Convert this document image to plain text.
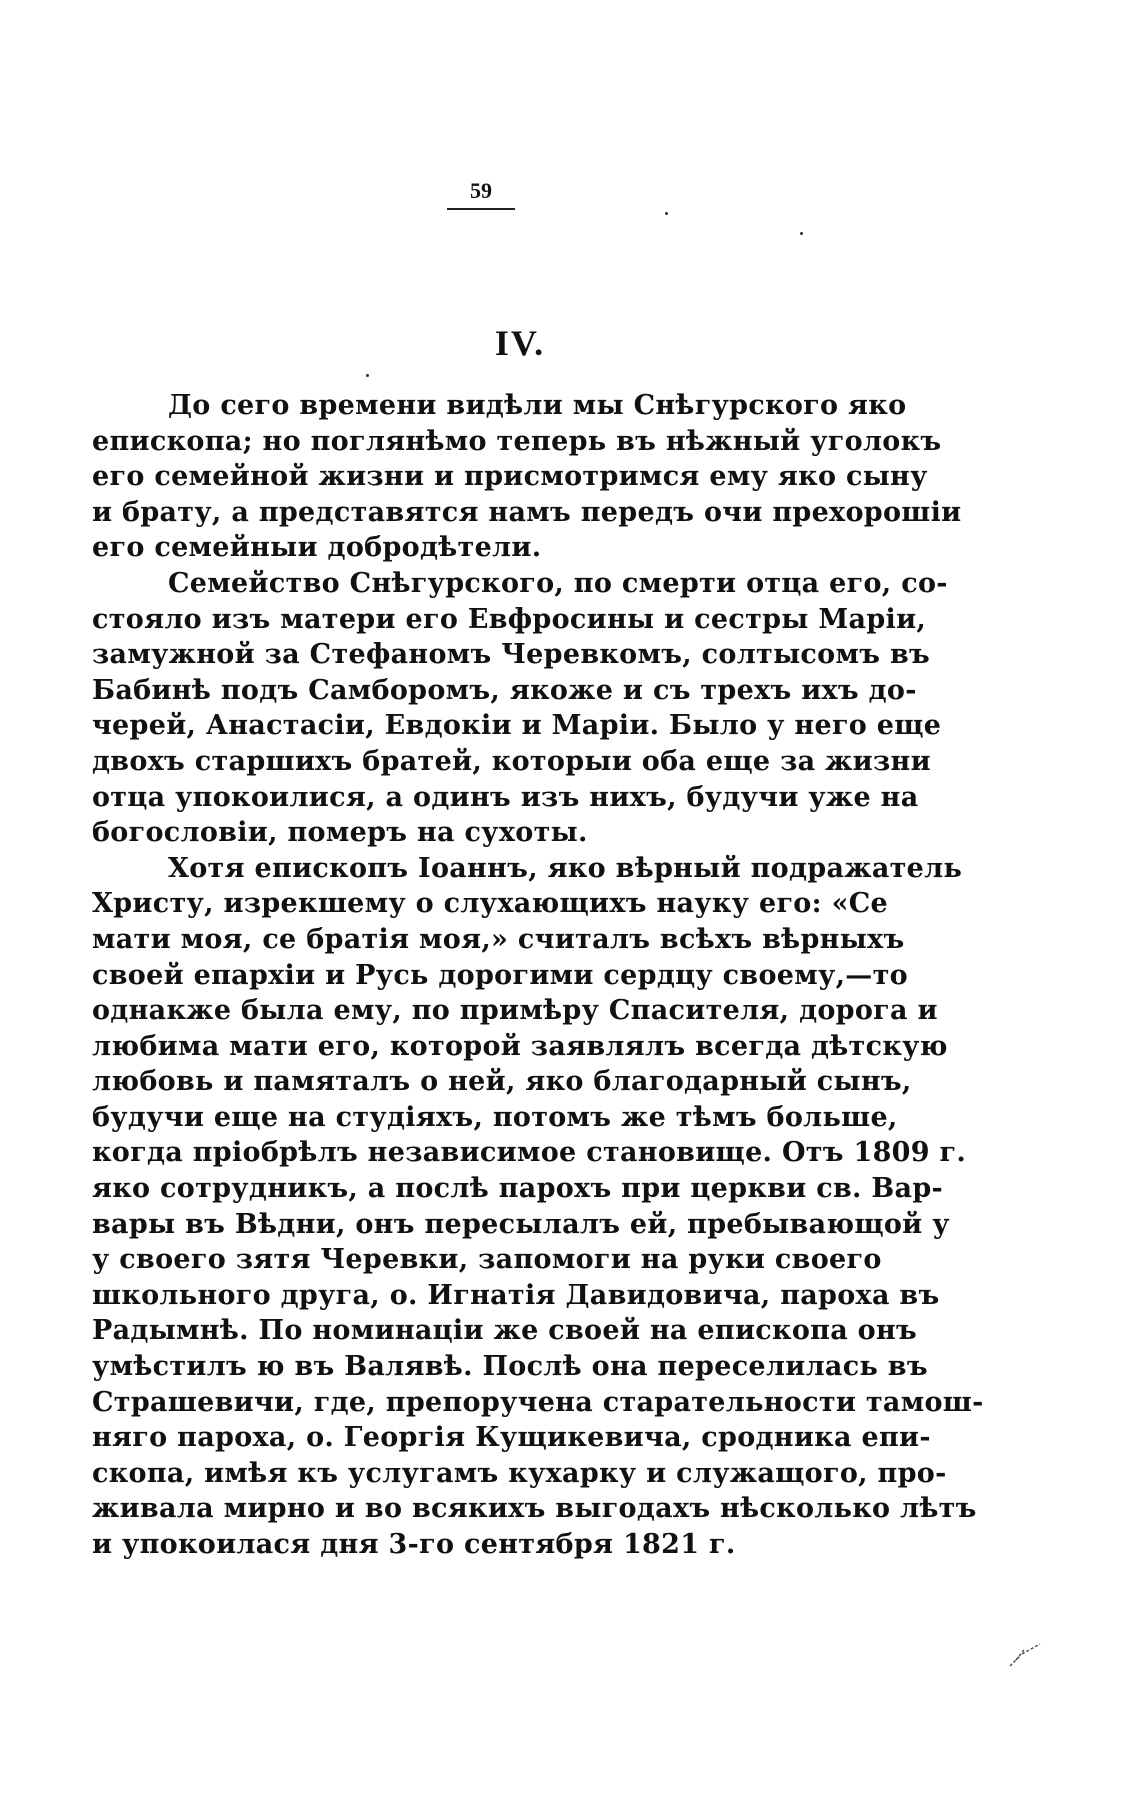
59
IV.
До сего времени видѣли мы Снѣгурского яко
епископа; но поглянѣмо теперь въ нѣжный уголокъ
его семейной жизни и присмотримся ему яко сыну
и брату, а представятся намъ передъ очи прехорошіи
его семейныи добродѣтели.
Семейство Снѣгурского, по смерти отца его, со-
стояло изъ матери его Евфросины и сестры Маріи,
замужной за Стефаномъ Черевкомъ, солтысомъ въ
Бабинѣ подъ Самборомъ, якоже и съ трехъ ихъ до-
черей, Анастасіи, Евдокіи и Маріи. Было у него еще
двохъ старшихъ братей, которыи оба еще за жизни
отца упокоилися, а одинъ изъ нихъ, будучи уже на
богословіи, померъ на сухоты.
Хотя епископъ Іоаннъ, яко вѣрный подражатель
Христу, изрекшему о слухающихъ науку его: «Се
мати моя, се братія моя,» считалъ всѣхъ вѣрныхъ
своей епархіи и Русь дорогими сердцу своему,—то
однакже была ему, по примѣру Спасителя, дорога и
любима мати его, которой заявлялъ всегда дѣтскую
любовь и памяталъ о ней, яко благодарный сынъ,
будучи еще на студіяхъ, потомъ же тѣмъ больше,
когда пріобрѣлъ независимое становище. Отъ 1809 г.
яко сотрудникъ, а послѣ парохъ при церкви св. Вар-
вары въ Вѣдни, онъ пересылалъ ей, пребывающой у
у своего зятя Черевки, запомоги на руки своего
школьного друга, о. Игнатія Давидовича, пароха въ
Радымнѣ. По номинаціи же своей на епископа онъ
умѣстилъ ю въ Валявѣ. Послѣ она переселилась въ
Страшевичи, где, препоручена старательности тамош-
няго пароха, о. Георгія Кущикевича, сродника епи-
скопа, имѣя къ услугамъ кухарку и служащого, про-
живала мирно и во всякихъ выгодахъ нѣсколько лѣтъ
и упокоилася дня 3-го сентября 1821 г.
